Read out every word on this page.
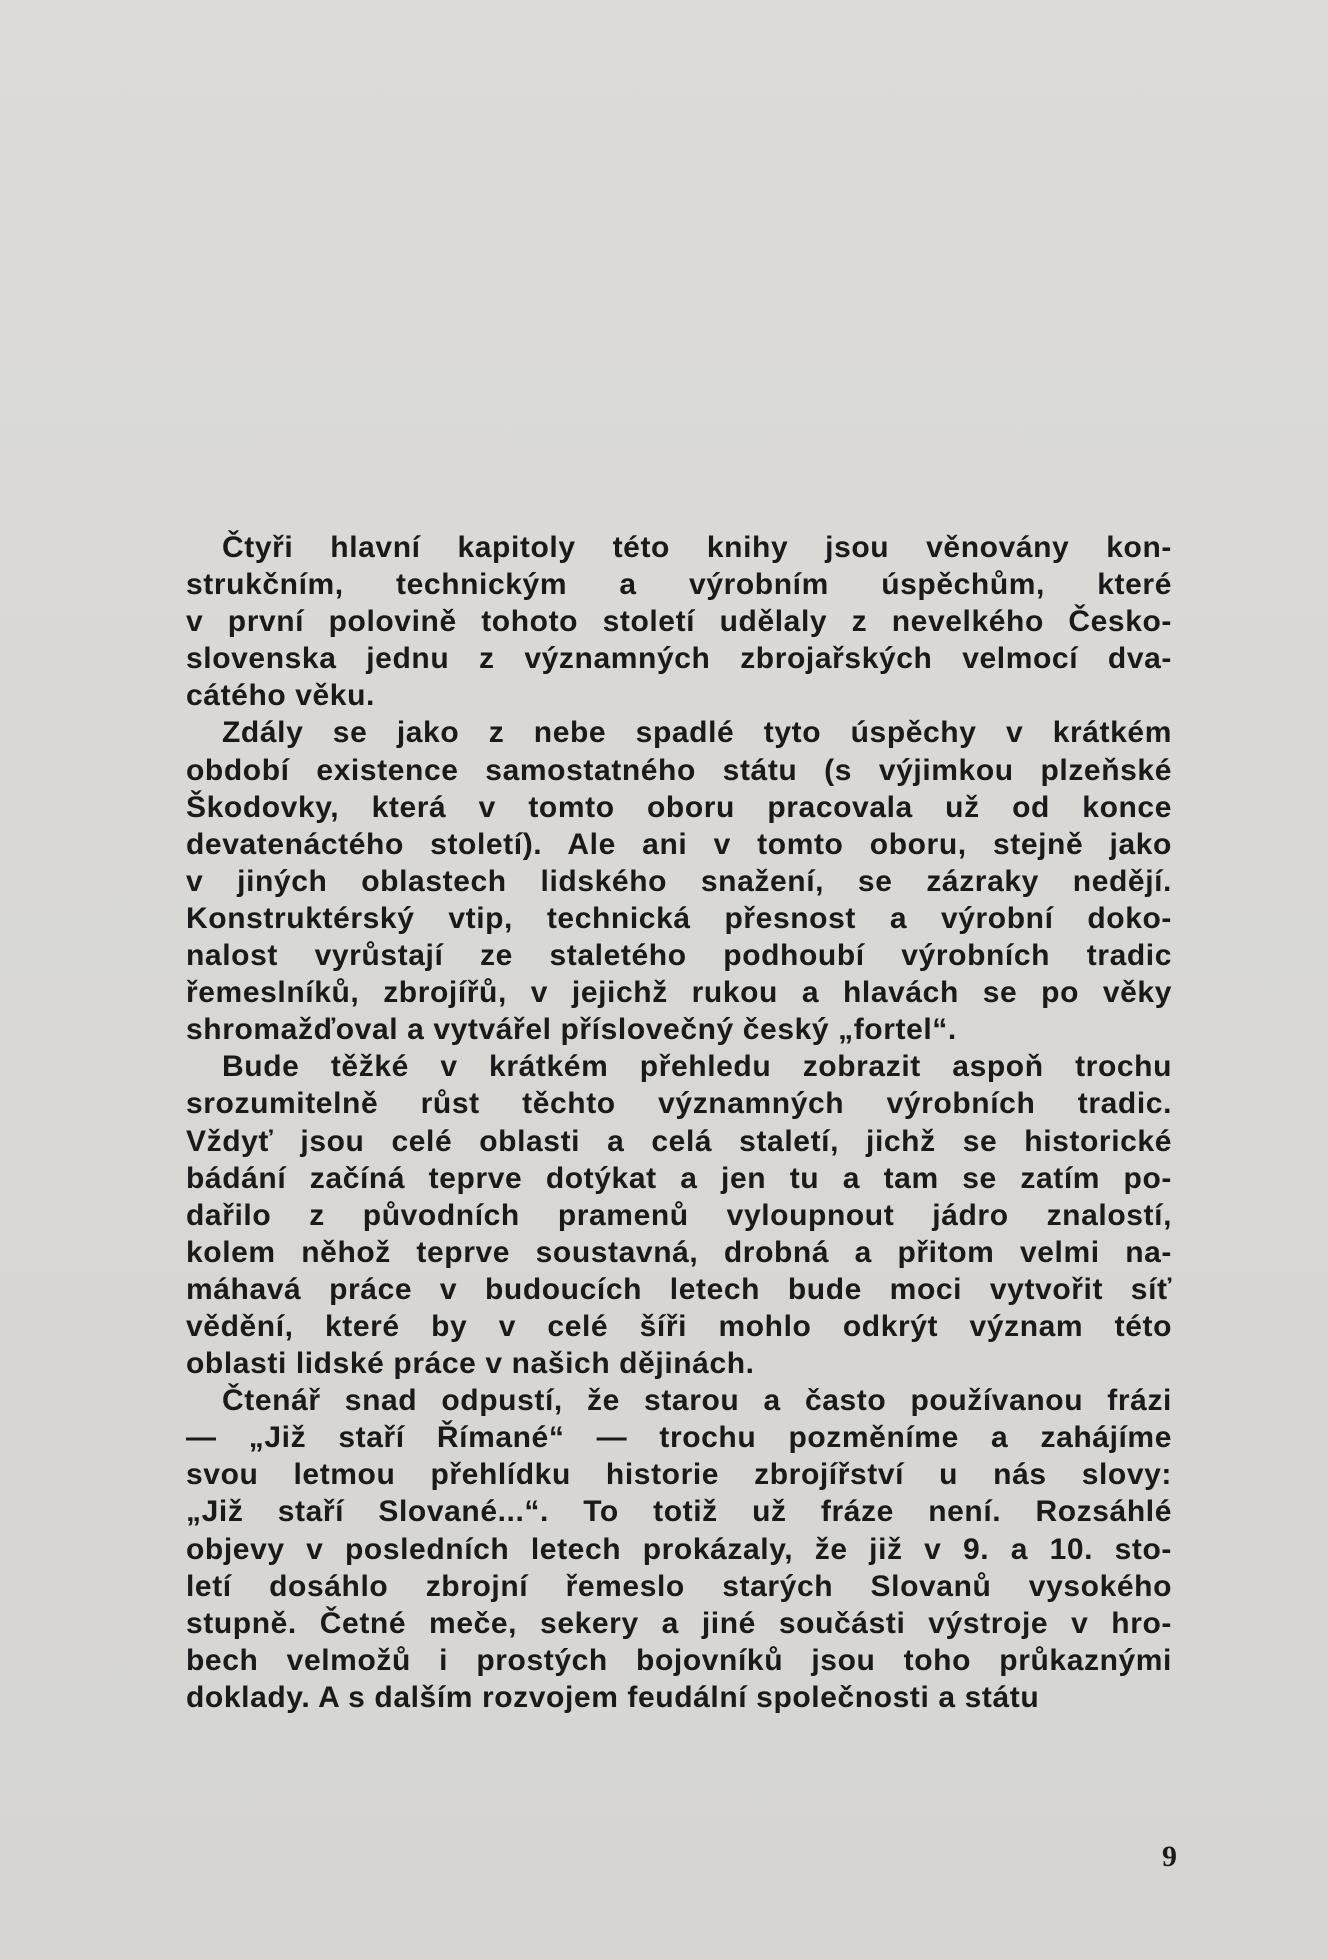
Čtyři hlavní kapitoly této knihy jsou věnovány kon-
strukčním, technickým a výrobním úspěchům, které
v první polovině tohoto století udělaly z nevelkého Česko-
slovenska jednu z významných zbrojařských velmocí dva-
cátého věku.

Zdály se jako z nebe spadlé tyto úspěchy v krátkém
období existence samostatného státu (s výjimkou plzeňské
Škodovky, která v tomto oboru pracovala už od konce
devatenáctého století). Ale ani v tomto oboru, stejně jako
v jiných oblastech lidského snažení, se zázraky nedějí.
Konstruktérský vtip, technická přesnost a výrobní doko-
nalost vyrůstají ze staletého podhoubí výrobních tradic
řemeslníků, zbrojířů, v jejichž rukou a hlavách se po věky
shromažďoval a vytvářel příslovečný český „fortel“.

Bude těžké v krátkém přehledu zobrazit aspoň trochu
srozumitelně růst těchto významných výrobních tradic.
Vždyť jsou celé oblasti a celá staletí, jichž se historické
bádání začíná teprve dotýkat a jen tu a tam se zatím po-
dařilo z původních pramenů vyloupnout jádro znalostí,
kolem něhož teprve soustavná, drobná a přitom velmi na-
máhavá práce v budoucích letech bude moci vytvořit síť
vědění, které by v celé šíři mohlo odkrýt význam této
oblasti lidské práce v našich dějinách.

Čtenář snad odpustí, že starou a často používanou frázi
— „Již staří Římané“ — trochu pozměníme a zahájíme
svou letmou přehlídku historie zbrojířství u nás slovy:
„Již staří Slované...“. To totiž už fráze není. Rozsáhlé
objevy v posledních letech prokázaly, že již v 9. a 10. sto-
letí dosáhlo zbrojní řemeslo starých Slovanů vysokého
stupně. Četné meče, sekery a jiné součásti výstroje v hro-
bech velmožů i prostých bojovníků jsou toho průkaznými
doklady. A s dalším rozvojem feudální společnosti a státu

9
